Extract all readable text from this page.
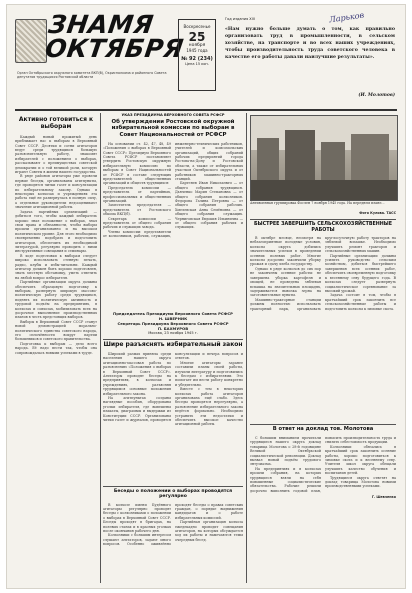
ЗНАМЯ
ОКТЯБРЯ
Орган Октябрьского окружного комитета ВКП(б), Окрисполкома и районного Совета депутатов трудящихся Ростовской области
Воскресенье
25
ноября
1945 года
№ 92 (234)
Цена 15 коп.
Год издания XIII	Ларьков
«Нам нужно больше думать о том, как правильно организовать труд в промышленности, в сельском хозяйстве, на транспорте и во всех наших учреждениях, чтобы производительность труда советского человека в качестве его работы давали наилучшие результаты».
(И. Молотов)
Активно готовиться к выборам

Каждый новый прожитый день приближает нас к выборам в Верховный Совет СССР. Десятки и сотни агитаторов ведут среди трудящихся большую разъяснительную работу, знакомят избирателей с положением о выборах, рассказывают о преимуществах советской демократии и о той великой роли, которую играют Советы в жизни нашего государства.

В ряде районов агитаторы уже провели первые беседы, организованы агитпункты, где проводятся читки газет и консультации по избирательному закону. Однако в некоторых колхозах и учреждениях эта работа ещё не развернулась в полную силу, а отдельные руководители недооценивают значение агитационной работы.

Задача партийных организаций — добиться того, чтобы каждый избиратель хорошо знал положение о выборах, знал свои права и обязанности, чтобы выборы прошли организованно и на высоком политическом уровне. Для этого необходимо своевременно подобрать и подготовить агитаторов, обеспечить их необходимой литературой, регулярно проводить с ними инструктивные совещания и семинары.

В ходе подготовки к выборам следует широко использовать стенную печать, радио, клубы и избы-читальни. Каждый агитатор должен быть хорошо подготовлен, знать местную обстановку, уметь ответить на любой вопрос избирателя.

Партийные организации округа должны обеспечить образцовую подготовку к выборам, развернуть широкую массово-политическую работу среди трудящихся, поднять их политическую активность и трудовой подъём на предприятиях, в колхозах и совхозах, мобилизовать всех на досрочное выполнение производственных планов в честь предстоящих выборов.

Выборы в Верховный Совет СССР станут новой демонстрацией морально-политического единства советского народа, его сплочённости вокруг партии большевиков и советского правительства.

Подготовка к выборам — дело всего народа. Её надо вести так, чтобы она сопровождалась новыми успехами в труде.

УКАЗ ПРЕЗИДИУМА ВЕРХОВНОГО СОВЕТА РСФСР
Об утверждении Ростовской окружной избирательной комиссии по выборам в Совет Национальностей от РСФСР

На основании ст. 42, 47, 48, 49 «Положения о выборах в Верховный Совет СССР» Президиум Верховного Совета РСФСР постановляет утвердить Ростовскую окружную избирательную комиссию по выборам в Совет Национальностей от РСФСР в составе следующих представителей общественных организаций и обществ трудящихся:

Председатель комиссии — представитель от партийных, профессиональных и общественных организаций.

Заместитель председателя — представитель от Ростовского обкома ВКП(б).

Секретарь комиссии — представитель от общего собрания рабочих и служащих завода.

Члены комиссии: представители от колхозников, рабочих, служащих, инженерно-технических работников, учителей и комсомольских организаций, общих собраний рабочих предприятий города Ростова-на-Дону и Ростовской области, а также от избирательных участков Октябрьского округа и от работников машинно-тракторных станций.

Бартенев Иван Николаевич — от общего собрания трудящихся. Дьяченко Мария Степановна — от общего собрания колхозников. Федорова Галина Петровна — от общего собрания рабочих. Хмелевская Анна Семёновна — от общего собрания служащих. Черниговская Евдокия Ильинична — от общего собрания рабочих и служащих.

Председатель Президиума Верховного Совета РСФСР
Н. ШВЕРНИК
Секретарь Президиума Верховного Совета РСФСР
П. БАХМУРОВ
Москва, 23 ноября 1945 г.
Шире разъяснять избирательный закон

Широкий размах приняла среди населения нашего округа агитационно-массовая работа по разъяснению «Положения о выборах в Верховный Совет СССР». Агитаторы проводят беседы на предприятиях, в колхозах и учреждениях, разъясняя трудящимся основные положения избирательного закона.

На агитпунктах созданы наглядные пособия, оборудованы уголки избирателя, где вывешены плакаты, диаграммы и выдержки из Конституции СССР. Организованы читки газет и журналов, проводятся консультации и вечера вопросов и ответов.

Многие агитаторы заранее составили планы своей работы, изучили литературу и подготовились к беседам с избирателями. Это помогает им вести работу конкретно и убедительно.

Вместе с тем в некоторых колхозах работа агитаторов организована ещё слабо. Здесь беседы проводятся нерегулярно, а разъяснение избирательного закона ведётся формально. Необходимо устранить эти недостатки и обеспечить высокое качество агитационной работы.

Беседы о положении о выборах проводятся регулярно

В колхозе имени Будённого агитаторы регулярно проводят беседы с колхозниками о положении о выборах в Верховный Совет СССР. Беседы проходят в бригадах, на полевых станах и в красных уголках после окончания рабочего дня.

Колхозники с большим интересом слушают агитаторов, задают много вопросов. Особенно оживлённо проходят беседы о правах советских граждан, о порядке выдвижения кандидатов и о работе избирательных комиссий.

Партийная организация колхоза ежедекадно проводит совещания агитаторов, на которых обсуждается ход их работы и намечаются темы очередных бесед.

Антивоенная группировка Фослен 7 ноября 1945 года. На переднем плане...
Фото Кулова. ТАСС
БЫСТРЕЕ ЗАВЕРШИТЬ СЕЛЬСКОХОЗЯЙСТВЕННЫЕ РАБОТЫ

В октябре месяце, несмотря на неблагоприятные погодные условия, колхозы округа добились значительных успехов в проведении осенних полевых работ. Многие колхозы досрочно закончили уборку урожая и сдачу хлеба государству.

Однако в ряде колхозов до сих пор не закончены осенние работы: не завершена уборка картофеля и овощей, не проведена зяблевая вспашка на значительных площадях, задерживается вывозка зерна на заготовительные пункты.

Машинно-тракторные станции должны полностью использовать тракторный парк, организовать круглосуточную работу тракторов на зяблевой вспашке. Необходимо улучшить ремонт тракторов и сельскохозяйственных машин.

Партийные организации должны усилить руководство сельским хозяйством, добиться быстрейшего завершения всех осенних работ, обеспечить своевременную подготовку к весеннему севу будущего года. В колхозах следует развернуть социалистическое соревнование за высокий урожай.

Задача состоит в том, чтобы в кратчайший срок закончить все сельскохозяйственные работы и подготовить колхозы к зимовке скота.

В ответ на доклад тов. Молотова

С большим вниманием прочитали трудящиеся нашего округа доклад товарища Молотова о 28-й годовщине Великой Октябрьской социалистической революции. Доклад вызвал новый подъём трудового энтузиазма.

На предприятиях и в колхозах прошли собрания, на которых трудящиеся взяли на себя повышенные социалистические обязательства. Рабочие решили досрочно выполнить годовой план, повысить производительность труда и снизить себестоимость продукции.

Колхозники обязались в кратчайший срок закончить осенние работы, хорошо подготовиться к зимовке скота и к весеннему севу. Учителя школ округа обещали улучшить качество обучения и воспитания детей.

Трудящиеся округа ответят на доклад товарища Молотова новыми производственными успехами.

Г. Шевченко
